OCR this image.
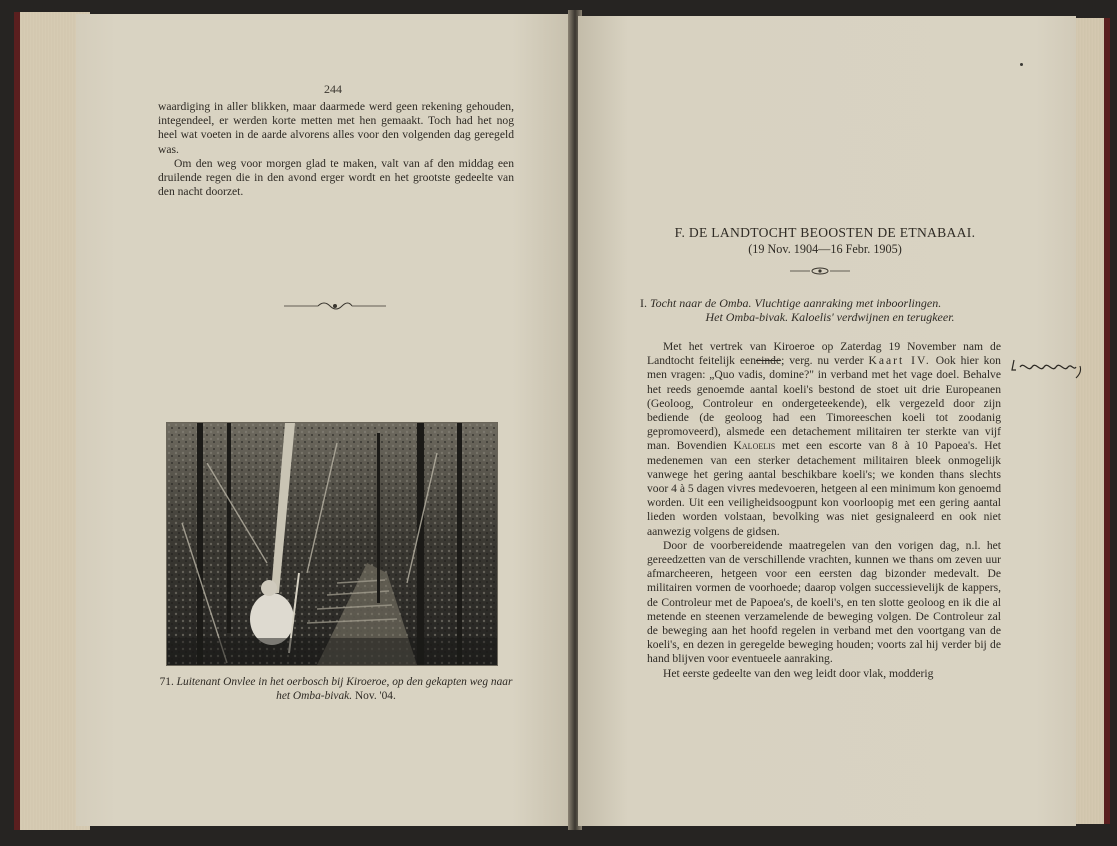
244

waardiging in aller blikken, maar daarmede werd geen rekening gehouden, integendeel, er werden korte metten met hen gemaakt. Toch had het nog heel wat voeten in de aarde alvorens alles voor den volgenden dag geregeld was.

Om den weg voor morgen glad te maken, valt van af den middag een druilende regen die in den avond erger wordt en het grootste gedeelte van den nacht doorzet.

71. Luitenant Onvlee in het oerbosch bij Kiroeroe, op den gekapten weg naar het Omba-bivak. Nov. '04.
F. DE LANDTOCHT BEOOSTEN DE ETNABAAI.
(19 Nov. 1904—16 Febr. 1905)
I. Tocht naar de Omba. Vluchtige aanraking met inboorlingen.
Het Omba-bivak. Kaloelis' verdwijnen en terugkeer.

Met het vertrek van Kiroeroe op Zaterdag 19 November nam de Landtocht feitelijk eeneinde; verg. nu verder Kaart IV. Ook hier kon men vragen: „Quo vadis, domine?" in verband met het vage doel. Behalve het reeds genoemde aantal koeli's bestond de stoet uit drie Europeanen (Geoloog, Controleur en ondergeteekende), elk vergezeld door zijn bediende (de geoloog had een Timoreeschen koeli tot zoodanig gepromoveerd), alsmede een detachement militairen ter sterkte van vijf man. Bovendien Kaloelis met een escorte van 8 à 10 Papoea's. Het medenemen van een sterker detachement militairen bleek onmogelijk vanwege het gering aantal beschikbare koeli's; we konden thans slechts voor 4 à 5 dagen vivres medevoeren, hetgeen al een minimum kon genoemd worden. Uit een veiligheidsoogpunt kon voorloopig met een gering aantal lieden worden volstaan, bevolking was niet gesignaleerd en ook niet aanwezig volgens de gidsen.

Door de voorbereidende maatregelen van den vorigen dag, n.l. het gereedzetten van de verschillende vrachten, kunnen we thans om zeven uur afmarcheeren, hetgeen voor een eersten dag bizonder medevalt. De militairen vormen de voorhoede; daarop volgen successievelijk de kappers, de Controleur met de Papoea's, de koeli's, en ten slotte geoloog en ik die al metende en steenen verzamelende de beweging volgen. De Controleur zal de beweging aan het hoofd regelen in verband met den voortgang van de koeli's, en dezen in geregelde beweging houden; voorts zal hij verder bij de hand blijven voor eventueele aanraking.

Het eerste gedeelte van den weg leidt door vlak, modderig
